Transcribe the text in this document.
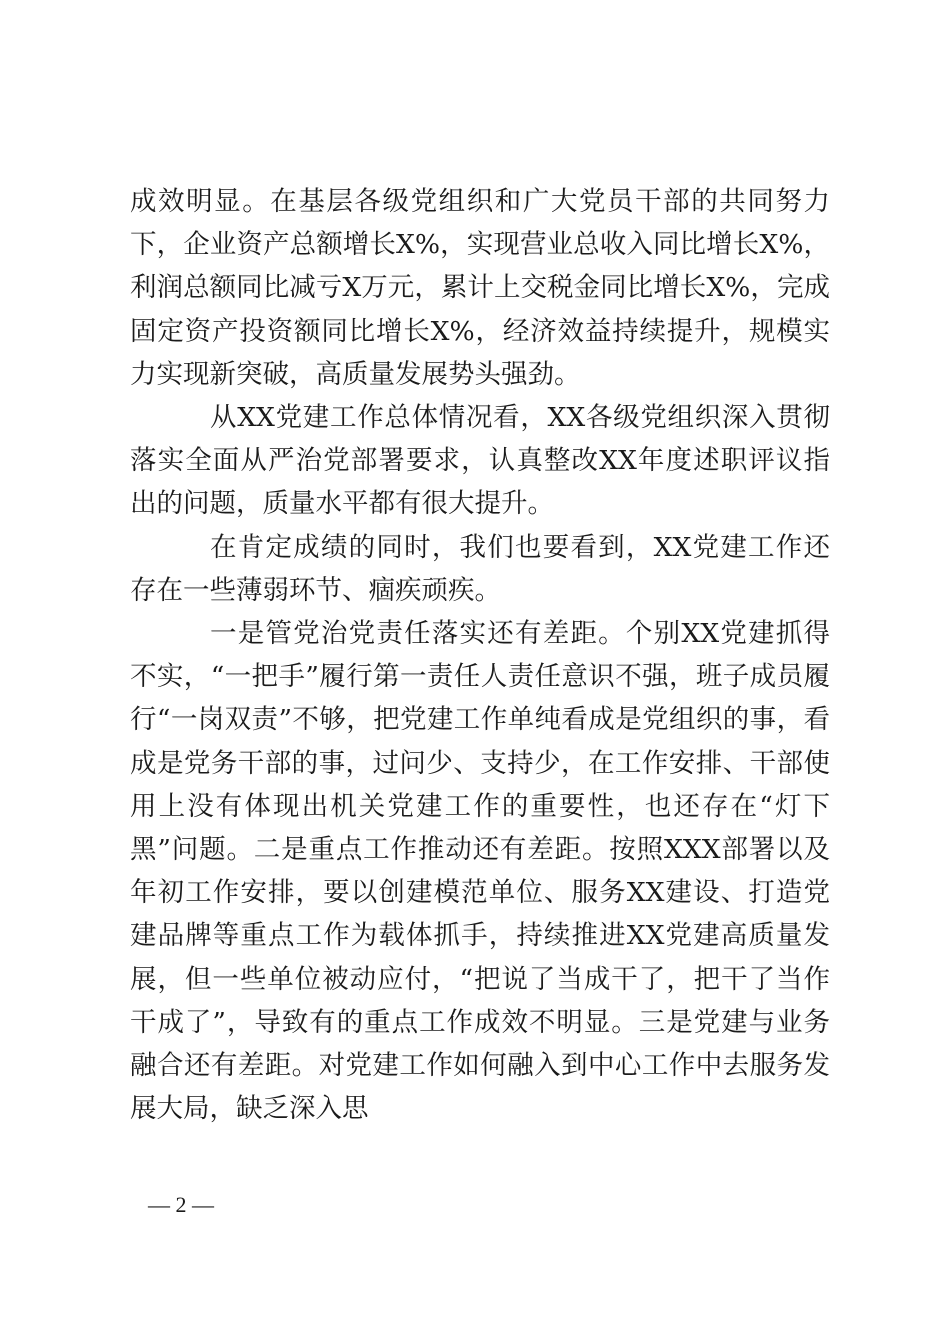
成效明显。在基层各级党组织和广大党员干部的共同努力下，企业资产总额增长X%，实现营业总收入同比增长X%，利润总额同比减亏X万元，累计上交税金同比增长X%，完成固定资产投资额同比增长X%，经济效益持续提升，规模实力实现新突破，高质量发展势头强劲。

从XX党建工作总体情况看，XX各级党组织深入贯彻落实全面从严治党部署要求，认真整改XX年度述职评议指出的问题，质量水平都有很大提升。

在肯定成绩的同时，我们也要看到，XX党建工作还存在一些薄弱环节、痼疾顽疾。

一是管党治党责任落实还有差距。个别XX党建抓得不实，“一把手”履行第一责任人责任意识不强，班子成员履行“一岗双责”不够，把党建工作单纯看成是党组织的事，看成是党务干部的事，过问少、支持少，在工作安排、干部使用上没有体现出机关党建工作的重要性，也还存在“灯下黑”问题。二是重点工作推动还有差距。按照XXX部署以及年初工作安排，要以创建模范单位、服务XX建设、打造党建品牌等重点工作为载体抓手，持续推进XX党建高质量发展，但一些单位被动应付，“把说了当成干了，把干了当作干成了”，导致有的重点工作成效不明显。三是党建与业务融合还有差距。对党建工作如何融入到中心工作中去服务发展大局，缺乏深入思

— 2 —
